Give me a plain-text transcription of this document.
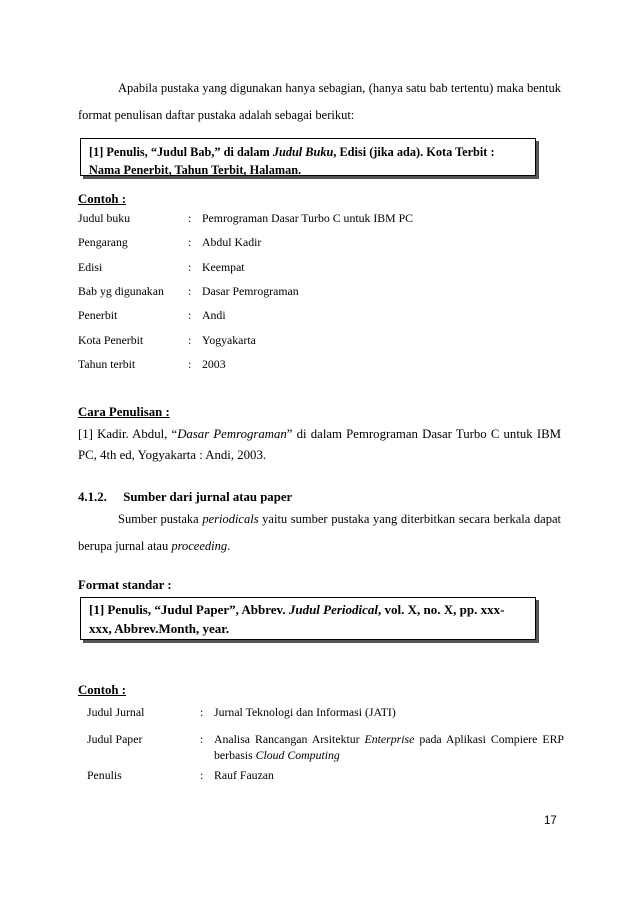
Apabila pustaka yang digunakan hanya sebagian, (hanya satu bab tertentu) maka bentuk format penulisan daftar pustaka adalah sebagai berikut:
[1] Penulis, “Judul Bab,” di dalam Judul Buku, Edisi (jika ada). Kota Terbit : Nama Penerbit, Tahun Terbit, Halaman.
Contoh :
Judul buku	: Pemrograman Dasar Turbo C untuk IBM PC
Pengarang	: Abdul Kadir
Edisi	: Keempat
Bab yg digunakan : Dasar Pemrograman
Penerbit	: Andi
Kota Penerbit	: Yogyakarta
Tahun terbit	: 2003
Cara Penulisan :
[1] Kadir. Abdul, “Dasar Pemrograman” di dalam Pemrograman Dasar Turbo C untuk IBM PC, 4th ed, Yogyakarta : Andi, 2003.
4.1.2. Sumber dari jurnal atau paper
Sumber pustaka periodicals yaitu sumber pustaka yang diterbitkan secara berkala dapat berupa jurnal atau proceeding.
Format standar :
[1] Penulis, “Judul Paper”, Abbrev. Judul Periodical, vol. X, no. X, pp. xxx-xxx, Abbrev.Month, year.
Contoh :
Judul Jurnal	: Jurnal Teknologi dan Informasi (JATI)
Judul Paper	: Analisa Rancangan Arsitektur Enterprise pada Aplikasi Compiere ERP berbasis Cloud Computing
Penulis	: Rauf Fauzan
17
